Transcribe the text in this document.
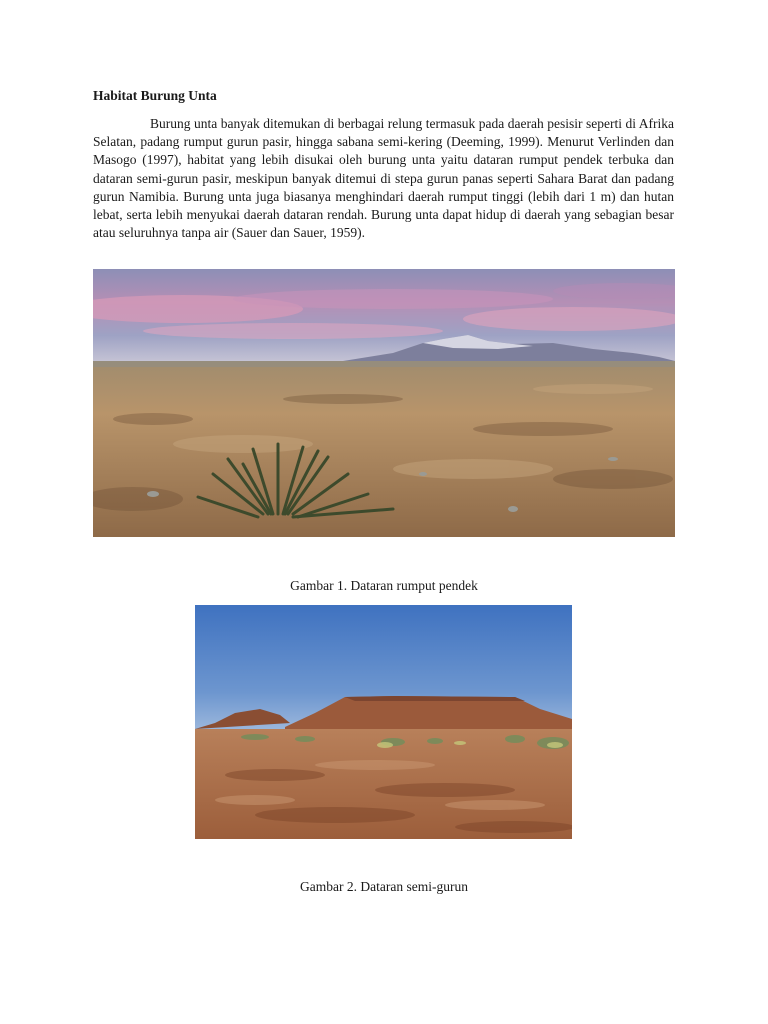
Habitat Burung Unta

Burung unta banyak ditemukan di berbagai relung termasuk pada daerah pesisir seperti di Afrika Selatan, padang rumput gurun pasir, hingga sabana semi-kering (Deeming, 1999). Menurut Verlinden dan Masogo (1997), habitat yang lebih disukai oleh burung unta yaitu dataran rumput pendek terbuka dan dataran semi-gurun pasir, meskipun banyak ditemui di stepa gurun panas seperti Sahara Barat dan padang gurun Namibia. Burung unta juga biasanya menghindari daerah rumput tinggi (lebih dari 1 m) dan hutan lebat, serta lebih menyukai daerah dataran rendah. Burung unta dapat hidup di daerah yang sebagian besar atau seluruhnya tanpa air (Sauer dan Sauer, 1959).

Gambar 1. Dataran rumput pendek

Gambar 2. Dataran semi-gurun
